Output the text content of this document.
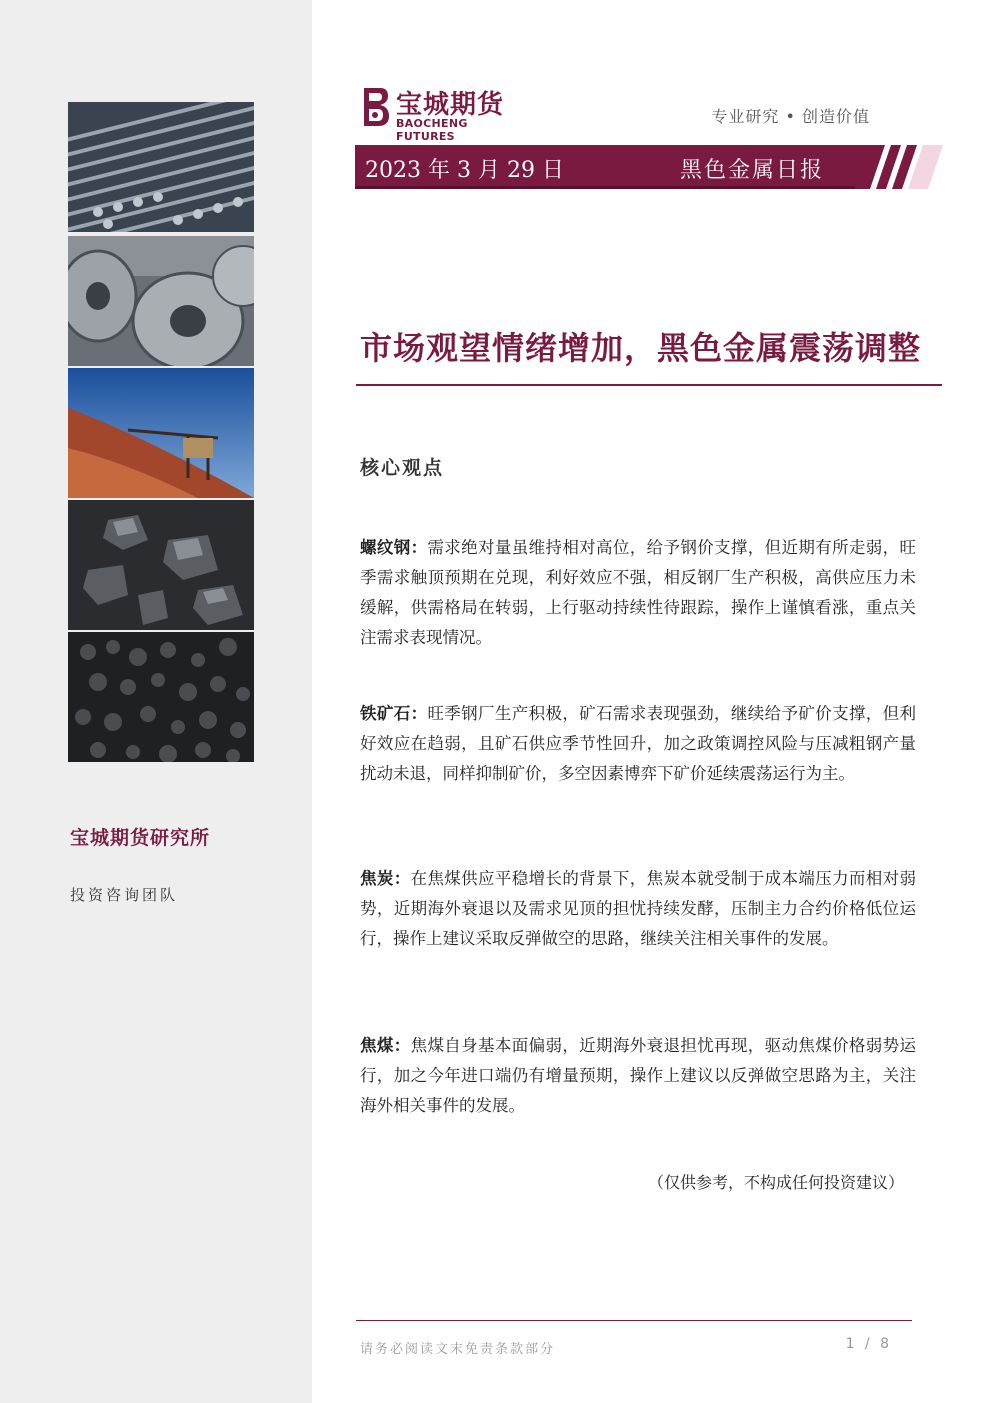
宝城期货研究所
投资咨询团队
宝城期货
BAOCHENG FUTURES
专业研究 • 创造价值
2023 年 3 月 29 日	黑色金属日报
市场观望情绪增加，黑色金属震荡调整
核心观点
螺纹钢：需求绝对量虽维持相对高位，给予钢价支撑，但近期有所走弱，旺季需求触顶预期在兑现，利好效应不强，相反钢厂生产积极，高供应压力未缓解，供需格局在转弱，上行驱动持续性待跟踪，操作上谨慎看涨，重点关注需求表现情况。
铁矿石：旺季钢厂生产积极，矿石需求表现强劲，继续给予矿价支撑，但利好效应在趋弱，且矿石供应季节性回升，加之政策调控风险与压减粗钢产量扰动未退，同样抑制矿价，多空因素博弈下矿价延续震荡运行为主。
焦炭：在焦煤供应平稳增长的背景下，焦炭本就受制于成本端压力而相对弱势，近期海外衰退以及需求见顶的担忧持续发酵，压制主力合约价格低位运行，操作上建议采取反弹做空的思路，继续关注相关事件的发展。
焦煤：焦煤自身基本面偏弱，近期海外衰退担忧再现，驱动焦煤价格弱势运行，加之今年进口端仍有增量预期，操作上建议以反弹做空思路为主，关注海外相关事件的发展。
（仅供参考，不构成任何投资建议）
请务必阅读文末免责条款部分	1 / 8
